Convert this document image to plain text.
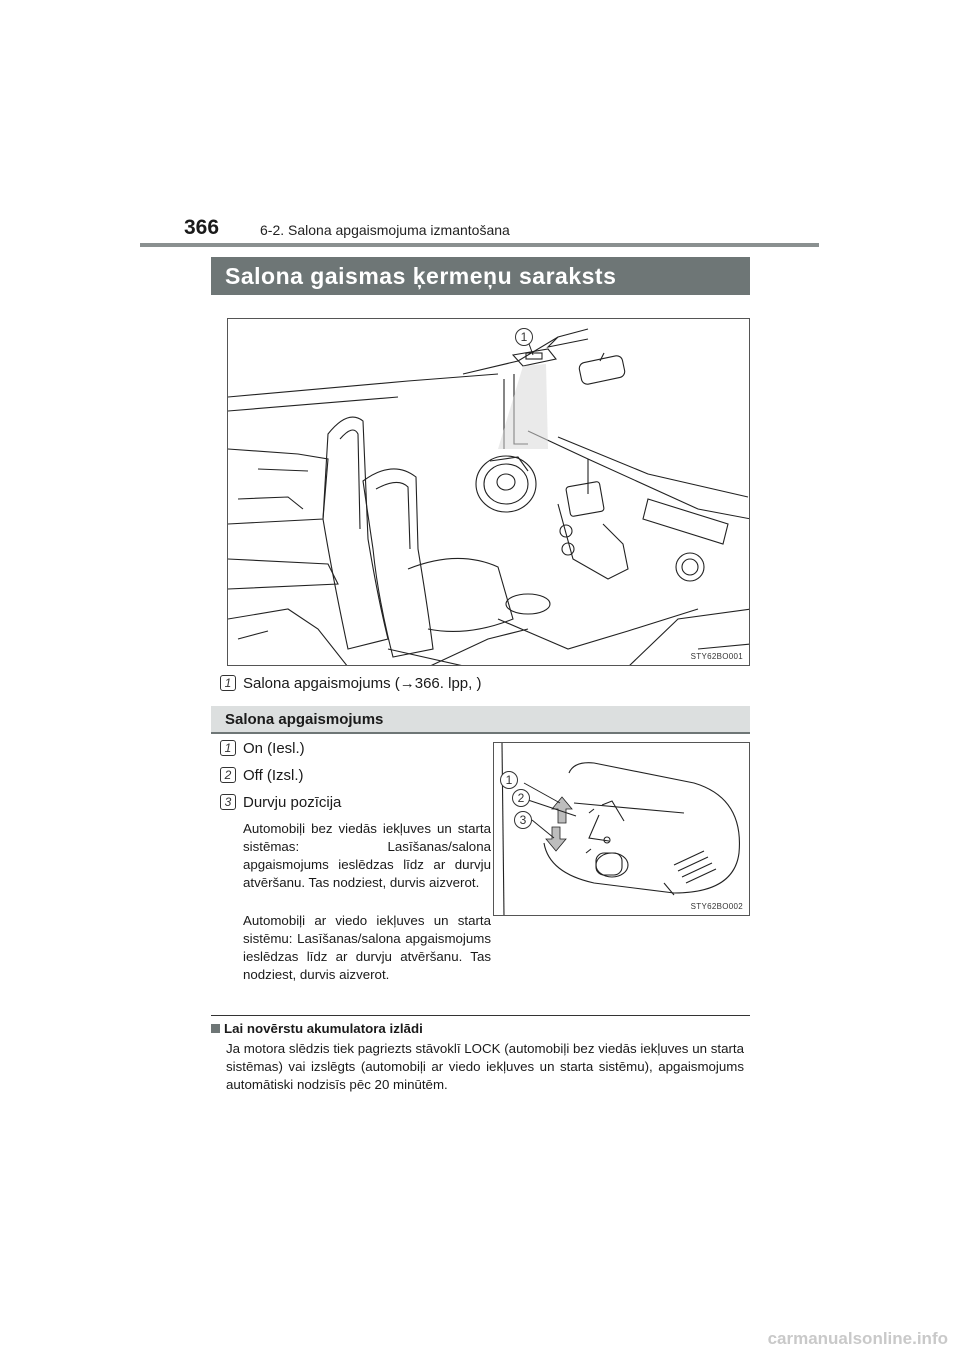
366	6-2. Salona apgaismojuma izmantošana
Salona gaismas ķermeņu saraksts
1
STY62BO001
1 Salona apgaismojums (→366. lpp, )
Salona apgaismojums
1 On (Iesl.)
2 Off (Izsl.)
3 Durvju pozīcija
Automobiļi bez viedās iekļuves un starta sistēmas: Lasīšanas/salona apgaismojums ieslēdzas līdz ar durvju atvēršanu. Tas nodziest, durvis aizverot.
Automobiļi ar viedo iekļuves un starta sistēmu: Lasīšanas/salona apgaismojums ieslēdzas līdz ar durvju atvēršanu. Tas nodziest, durvis aizverot.
1
2
3
STY62BO002
Lai novērstu akumulatora izlādi
Ja motora slēdzis tiek pagriezts stāvoklī LOCK (automobiļi bez viedās iekļuves un starta sistēmas) vai izslēgts (automobiļi ar viedo iekļuves un starta sistēmu), apgaismojums automātiski nodzisīs pēc 20 minūtēm.
carmanualsonline.info
